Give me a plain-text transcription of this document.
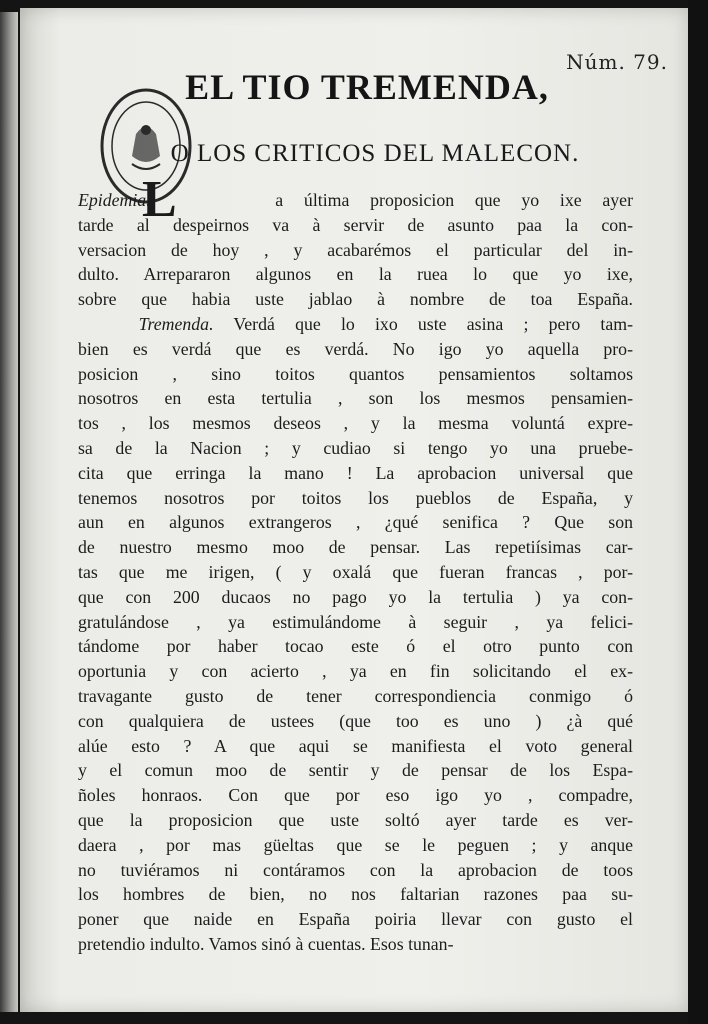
Núm. 79.
EL TIO TREMENDA,
O LOS CRITICOS DEL MALECON.
L
Epidemia.	a última proposicion que yo ixe ayer
tarde al despeirnos va à servir de asunto paa la con-
versacion de hoy , y acabarémos el particular del in-
dulto. Arrepararon algunos en la ruea lo que yo ixe,
sobre que habia uste jablao à nombre de toa España.
Tremenda. Verdá que lo ixo uste asina ; pero tam-
bien es verdá que es verdá. No igo yo aquella pro-
posicion , sino toitos quantos pensamientos soltamos
nosotros en esta tertulia , son los mesmos pensamien-
tos , los mesmos deseos , y la mesma voluntá expre-
sa de la Nacion ; y cudiao si tengo yo una pruebe-
cita que erringa la mano ! La aprobacion universal que
tenemos nosotros por toitos los pueblos de España, y
aun en algunos extrangeros , ¿qué senifica ? Que son
de nuestro mesmo moo de pensar. Las repetiísimas car-
tas que me irigen, ( y oxalá que fueran francas , por-
que con 200 ducaos no pago yo la tertulia ) ya con-
gratulándose , ya estimulándome à seguir , ya felici-
tándome por haber tocao este ó el otro punto con
oportunia y con acierto , ya en fin solicitando el ex-
travagante gusto de tener correspondiencia conmigo ó
con qualquiera de ustees (que too es uno ) ¿à qué
alúe esto ? A que aqui se manifiesta el voto general
y el comun moo de sentir y de pensar de los Espa-
ñoles honraos. Con que por eso igo yo , compadre,
que la proposicion que uste soltó ayer tarde es ver-
daera , por mas güeltas que se le peguen ; y anque
no tuviéramos ni contáramos con la aprobacion de toos
los hombres de bien, no nos faltarian razones paa su-
poner que naide en España poiria llevar con gusto el
pretendio indulto. Vamos sinó à cuentas. Esos tunan-
